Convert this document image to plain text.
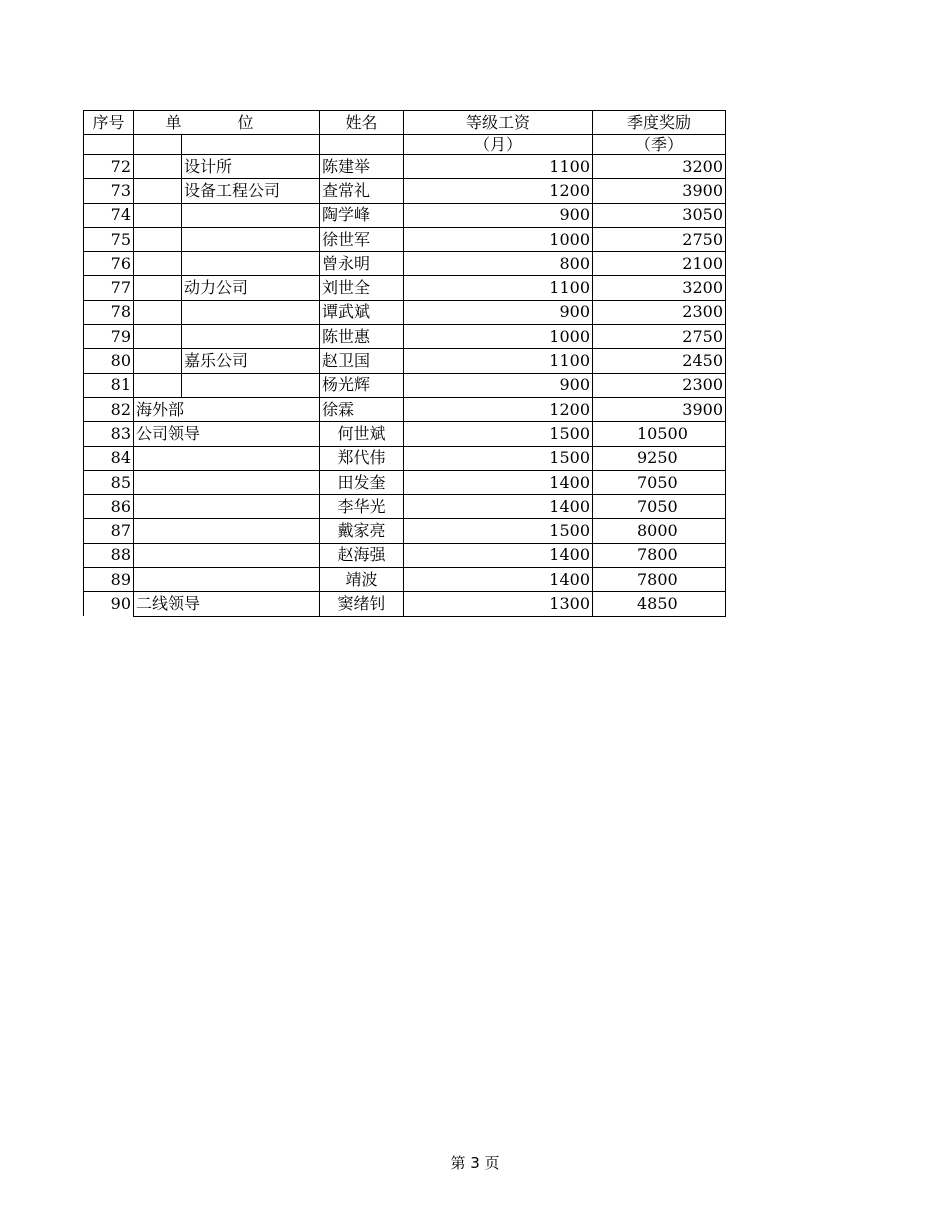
序号	单	位	姓名	等级工资	季度奖励
				（月）	（季）
72		设计所	陈建举	1100	3200
73		设备工程公司	查常礼	1200	3900
74			陶学峰	900	3050
75			徐世军	1000	2750
76			曾永明	800	2100
77		动力公司	刘世全	1100	3200
78			谭武斌	900	2300
79			陈世惠	1000	2750
80		嘉乐公司	赵卫国	1100	2450
81			杨光辉	900	2300
82	海外部		徐霖	1200	3900
83	公司领导		何世斌	1500	10500
84			郑代伟	1500	9250
85			田发奎	1400	7050
86			李华光	1400	7050
87			戴家亮	1500	8000
88			赵海强	1400	7800
89			靖波	1400	7800
90	二线领导		窦绪钊	1300	4850
第 3 页
